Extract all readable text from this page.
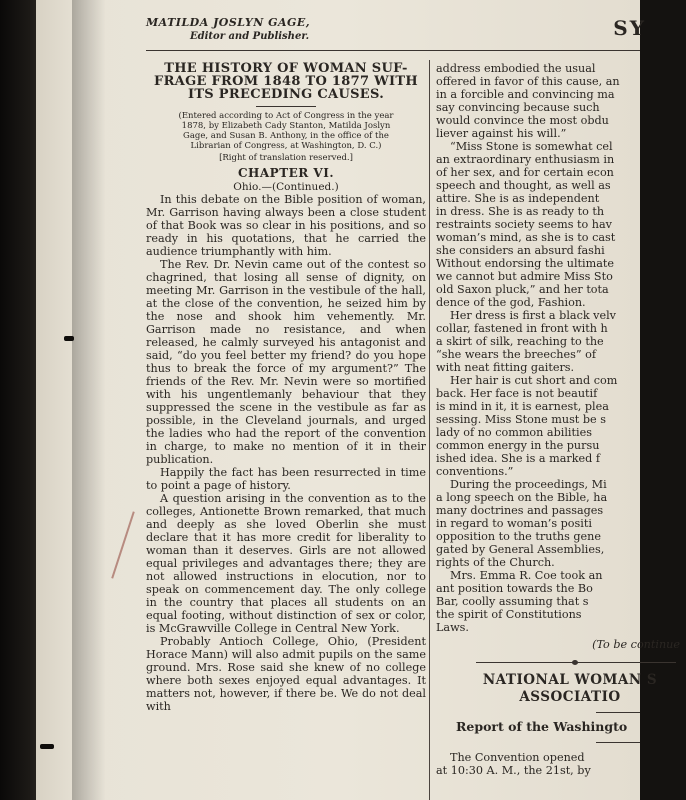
MATILDA JOSLYN GAGE,
Editor and Publisher.	SY
THE HISTORY OF WOMAN SUF-
FRAGE FROM 1848 TO 1877 WITH
ITS PRECEDING CAUSES.
(Entered according to Act of Congress in the year
1878, by Elizabeth Cady Stanton, Matilda Joslyn
Gage, and Susan B. Anthony, in the office of the
Librarian of Congress, at Washington, D. C.)
[Right of translation reserved.]
CHAPTER VI.
Ohio.—(Continued.)

In this debate on the Bible position of woman, Mr. Garrison having always been a close student of that Book was so clear in his positions, and so ready in his quotations, that he carried the audience triumphantly with him.

The Rev. Dr. Nevin came out of the contest so chagrined, that losing all sense of dignity, on meeting Mr. Garrison in the vestibule of the hall, at the close of the convention, he seized him by the nose and shook him vehemently. Mr. Garrison made no resistance, and when released, he calmly surveyed his antagonist and said, “do you feel better my friend? do you hope thus to break the force of my argument?” The friends of the Rev. Mr. Nevin were so mortified with his ungentlemanly behaviour that they suppressed the scene in the vestibule as far as possible, in the Cleveland journals, and urged the ladies who had the report of the convention in charge, to make no mention of it in their publication.

Happily the fact has been resurrected in time to point a page of history.

A question arising in the convention as to the colleges, Antionette Brown remarked, that much and deeply as she loved Oberlin she must declare that it has more credit for liberality to woman than it deserves. Girls are not allowed equal privileges and advantages there; they are not allowed instructions in elocution, nor to speak on commencement day. The only college in the country that places all students on an equal footing, without distinction of sex or color, is McGrawville College in Central New York.

Probably Antioch College, Ohio, (President Horace Mann) will also admit pupils on the same ground. Mrs. Rose said she knew of no college where both sexes enjoyed equal advantages. It matters not, however, if there be. We do not deal with

address embodied the usual

offered in favor of this cause, an

in a forcible and convincing ma

say convincing because such

would convince the most obdu

liever against his will.”

“Miss Stone is somewhat cel

an extraordinary enthusiasm in

of her sex, and for certain econ

speech and thought, as well as

attire. She is as independent

in dress. She is as ready to th

restraints society seems to hav

woman’s mind, as she is to cast

she considers an absurd fashi

Without endorsing the ultimate

we cannot but admire Miss Sto

old Saxon pluck,” and her tota

dence of the god, Fashion.

Her dress is first a black velv

collar, fastened in front with h

a skirt of silk, reaching to the

“she wears the breeches” of

with neat fitting gaiters.

Her hair is cut short and com

back. Her face is not beautif

is mind in it, it is earnest, plea

sessing. Miss Stone must be s

lady of no common abilities

common energy in the pursu

ished idea. She is a marked f

conventions.”

During the proceedings, Mi

a long speech on the Bible, ha

many doctrines and passages

in regard to woman’s positi

opposition to the truths gene

gated by General Assemblies,

rights of the Church.

Mrs. Emma R. Coe took an

ant position towards the Bo

Bar, coolly assuming that s

the spirit of Constitutions

Laws.

(To be continue
NATIONAL WOMAN S
ASSOCIATIO
Report of the Washingto

The Convention opened

at 10:30 A. M., the 21st, by
